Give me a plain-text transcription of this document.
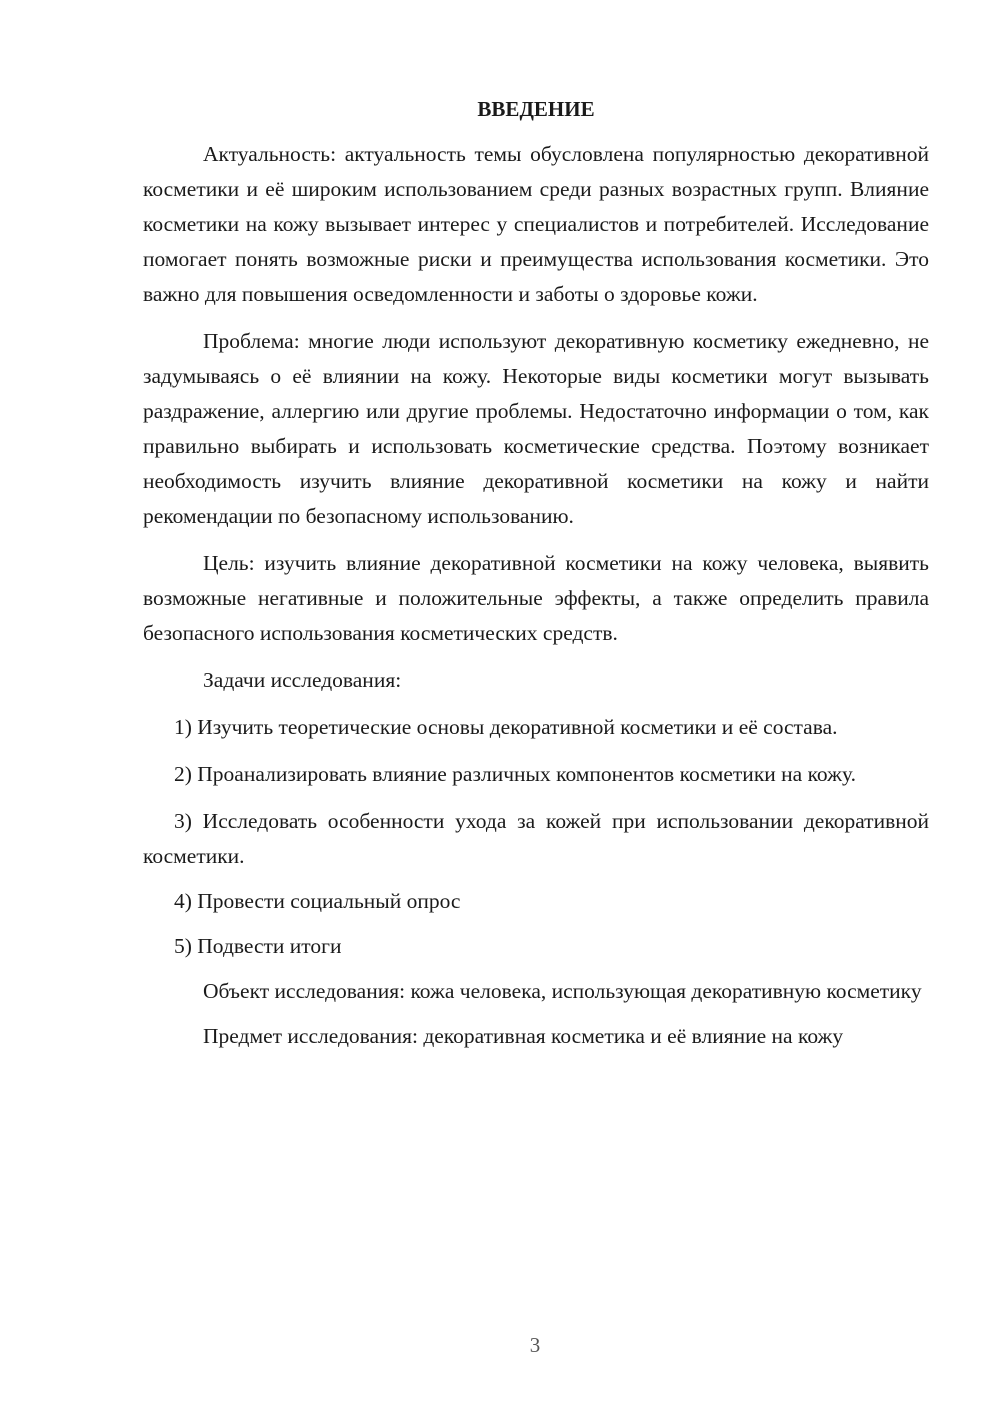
ВВЕДЕНИЕ

Актуальность: актуальность темы обусловлена популярностью декоративной косметики и её широким использованием среди разных возрастных групп. Влияние косметики на кожу вызывает интерес у специалистов и потребителей. Исследование помогает понять возможные риски и преимущества использования косметики. Это важно для повышения осведомленности и заботы о здоровье кожи.

Проблема: многие люди используют декоративную косметику ежедневно, не задумываясь о её влиянии на кожу. Некоторые виды косметики могут вызывать раздражение, аллергию или другие проблемы. Недостаточно информации о том, как правильно выбирать и использовать косметические средства. Поэтому возникает необходимость изучить влияние декоративной косметики на кожу и найти рекомендации по безопасному использованию.

Цель: изучить влияние декоративной косметики на кожу человека, выявить возможные негативные и положительные эффекты, а также определить правила безопасного использования косметических средств.

Задачи исследования:

1) Изучить теоретические основы декоративной косметики и её состава.

2) Проанализировать влияние различных компонентов косметики на кожу.

3) Исследовать особенности ухода за кожей при использовании декоративной косметики.

4) Провести социальный опрос

5) Подвести итоги

Объект исследования: кожа человека, использующая декоративную косметику

Предмет исследования: декоративная косметика и её влияние на кожу

3
